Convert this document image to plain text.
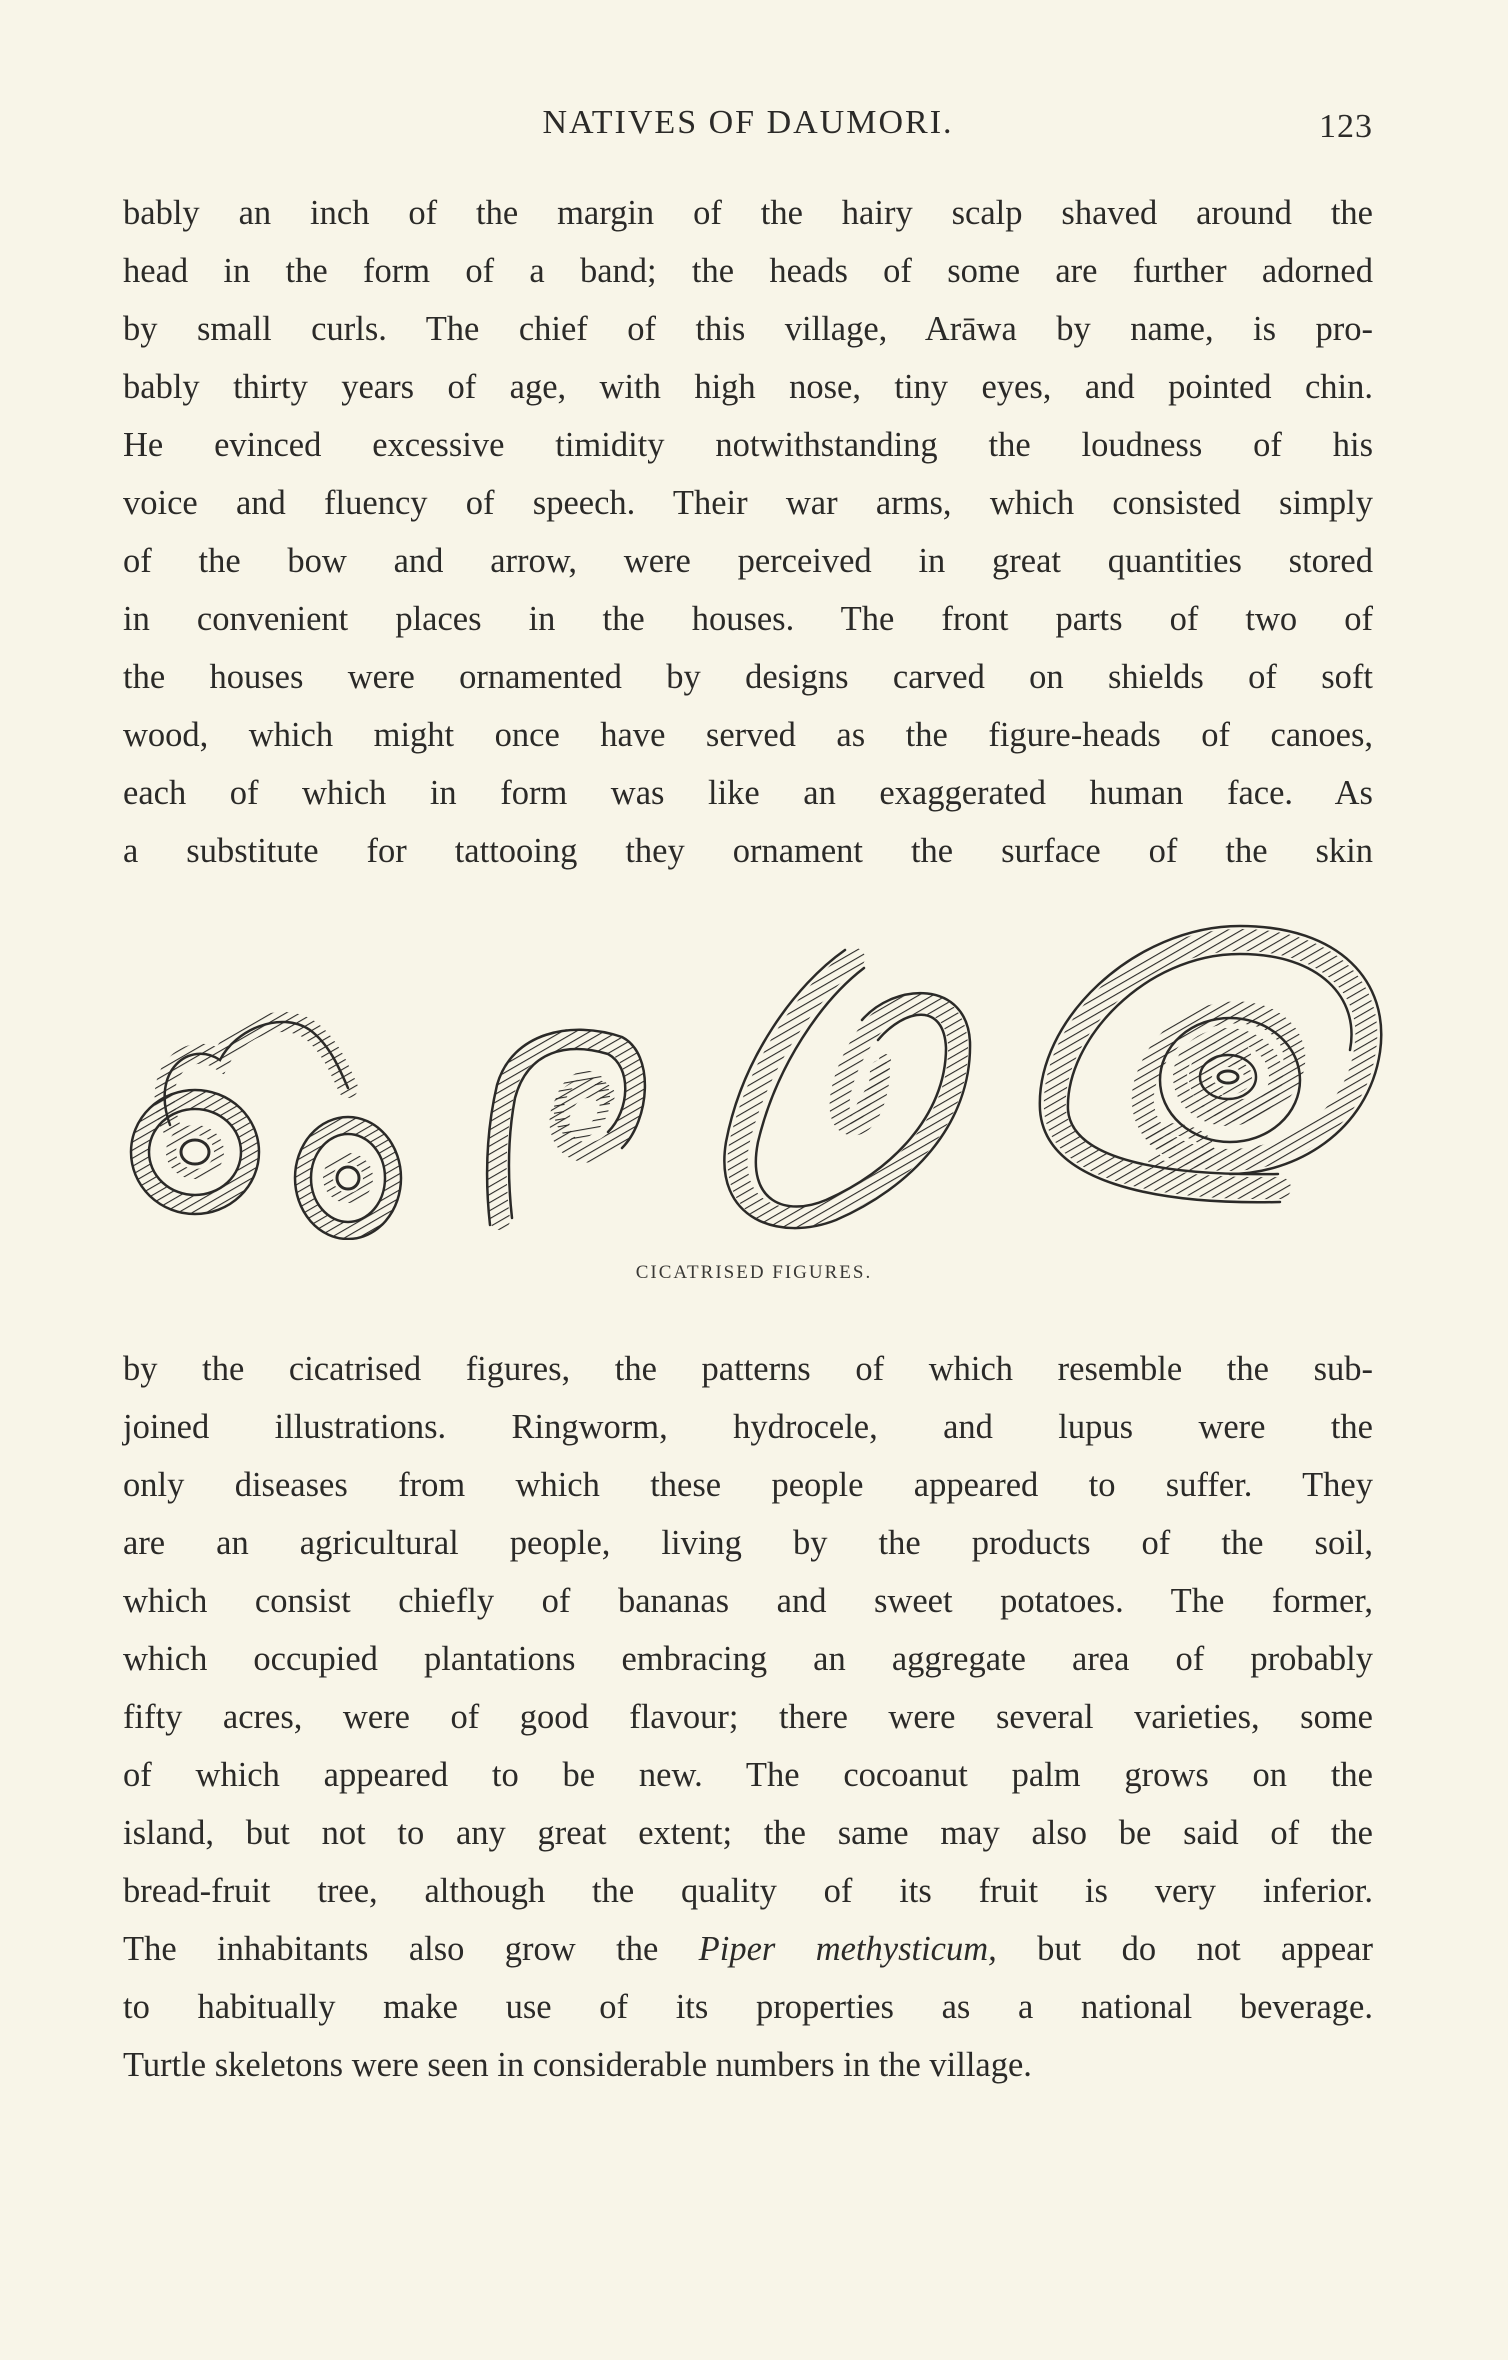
NATIVES OF DAUMORI.	123
bably an inch of the margin of the hairy scalp shaved around the
head in the form of a band; the heads of some are further adorned
by small curls. The chief of this village, Arāwa by name, is pro-
bably thirty years of age, with high nose, tiny eyes, and pointed chin.
He evinced excessive timidity notwithstanding the loudness of his
voice and fluency of speech. Their war arms, which consisted simply
of the bow and arrow, were perceived in great quantities stored
in convenient places in the houses. The front parts of two of
the houses were ornamented by designs carved on shields of soft
wood, which might once have served as the figure-heads of canoes,
each of which in form was like an exaggerated human face. As
a substitute for tattooing they ornament the surface of the skin
CICATRISED FIGURES.
by the cicatrised figures, the patterns of which resemble the sub-
joined illustrations. Ringworm, hydrocele, and lupus were the
only diseases from which these people appeared to suffer. They
are an agricultural people, living by the products of the soil,
which consist chiefly of bananas and sweet potatoes. The former,
which occupied plantations embracing an aggregate area of probably
fifty acres, were of good flavour; there were several varieties, some
of which appeared to be new. The cocoanut palm grows on the
island, but not to any great extent; the same may also be said of the
bread-fruit tree, although the quality of its fruit is very inferior.
The inhabitants also grow the Piper methysticum, but do not appear
to habitually make use of its properties as a national beverage.
Turtle skeletons were seen in considerable numbers in the village.
